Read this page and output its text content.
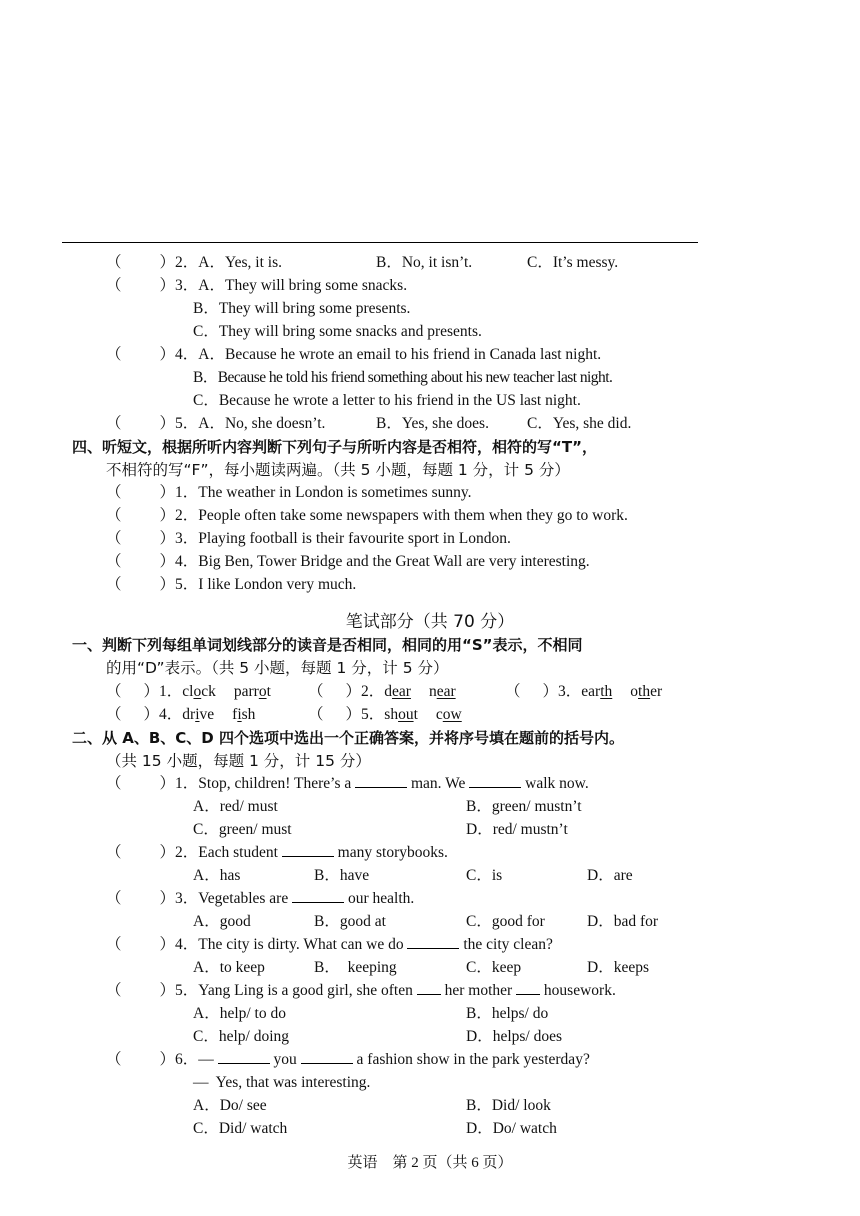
（ ）2．A．Yes, it is.	B．No, it isn’t.	C．It’s messy.
（ ）3．A．They will bring some snacks.
B．They will bring some presents.
C．They will bring some snacks and presents.
（ ）4．A．Because he wrote an email to his friend in Canada last night.
B．Because he told his friend something about his new teacher last night.
C．Because he wrote a letter to his friend in the US last night.
（ ）5．A．No, she doesn’t.	B．Yes, she does. C．Yes, she did.
四、听短文，根据所听内容判断下列句子与所听内容是否相符，相符的写“T”，
不相符的写“F”，每小题读两遍。（共 5 小题，每题 1 分，计 5 分）
（ ）1．The weather in London is sometimes sunny.
（ ）2．People often take some newspapers with them when they go to work.
（ ）3．Playing football is their favourite sport in London.
（ ）4．Big Ben, Tower Bridge and the Great Wall are very interesting.
（ ）5．I like London very much.
笔试部分（共 70 分）
一、判断下列每组单词划线部分的读音是否相同，相同的用“S”表示，不相同
的用“D”表示。（共 5 小题，每题 1 分，计 5 分）
（ ）1．clock parrot （ ）2．dear near	（ ）3．earth other
（ ）4．drive fish	（ ）5．shout cow
二、从 A、B、C、D 四个选项中选出一个正确答案，并将序号填在题前的括号内。
（共 15 小题，每题 1 分，计 15 分）
（ ）1．Stop, children! There’s a	man. We	walk now.
A．red/ must	B．green/ mustn’t
C．green/ must	D．red/ mustn’t
（ ）2．Each student	many storybooks.
A．has	B．have	C．is	D．are
（ ）3．Vegetables are	our health.
A．good	B．good at	C．good for	D．bad for
（ ）4．The city is dirty. What can we do	the city clean?
A．to keep	B．  keeping	C．keep	D．keeps
（ ）5．Yang Ling is a good girl, she often her mother housework.
A．help/ to do	B．helps/ do
C．help/ doing	D．helps/ does
（ ）6．—	you	a fashion show in the park yesterday?
—  Yes, that was interesting.
A．Do/ see	B．Did/ look
C．Did/ watch	D．Do/ watch
英语　第 2 页（共 6 页）
